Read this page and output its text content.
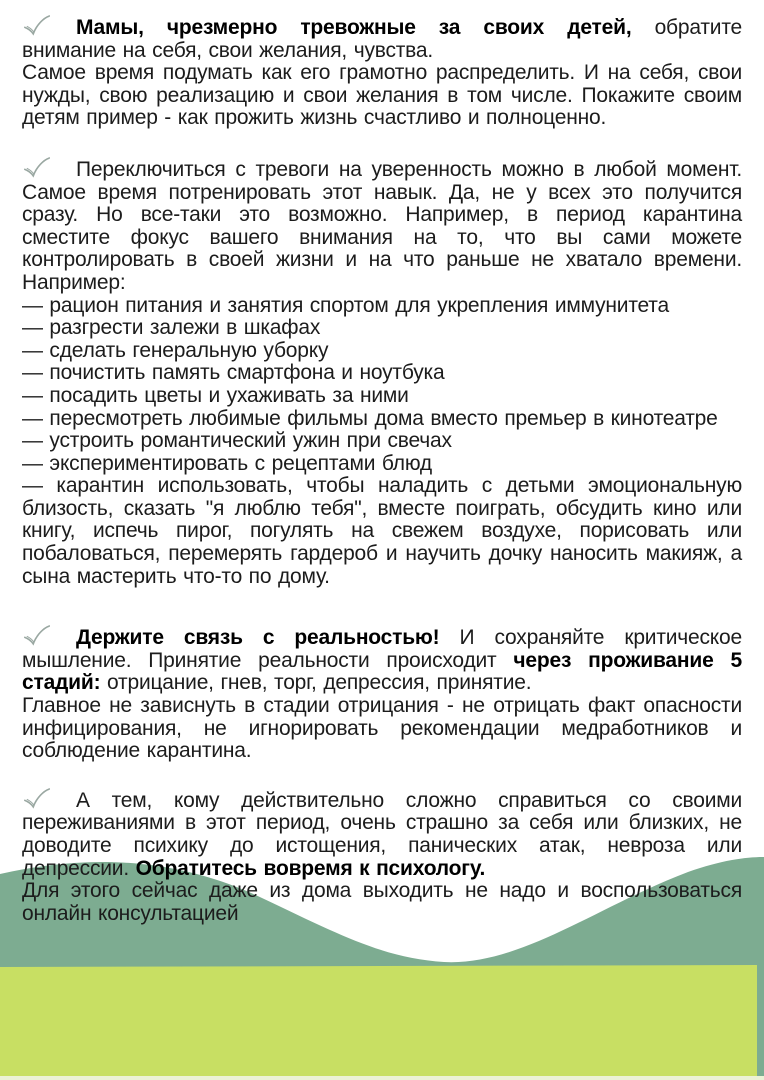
Мамы, чрезмерно тревожные за своих детей, обратите внимание на себя, свои желания, чувства.
Самое время подумать как его грамотно распределить. И на себя, свои нужды, свою реализацию и свои желания в том числе. Покажите своим детям пример - как прожить жизнь счастливо и полноценно.
Переключиться с тревоги на уверенность можно в любой момент. Самое время потренировать этот навык. Да, не у всех это получится сразу. Но все-таки это возможно. Например, в период карантина сместите фокус вашего внимания на то, что вы сами можете контролировать в своей жизни и на что раньше не хватало времени. Например:
— рацион питания и занятия спортом для укрепления иммунитета
— разгрести залежи в шкафах
— сделать генеральную уборку
— почистить память смартфона и ноутбука
— посадить цветы и ухаживать за ними
— пересмотреть любимые фильмы дома вместо премьер в кинотеатре
— устроить романтический ужин при свечах
— экспериментировать с рецептами блюд
— карантин использовать, чтобы наладить с детьми эмоциональную близость, сказать "я люблю тебя", вместе поиграть, обсудить кино или книгу, испечь пирог, погулять на свежем воздухе, порисовать или побаловаться, перемерять гардероб и научить дочку наносить макияж, а сына мастерить что-то по дому.
Держите связь с реальностью! И сохраняйте критическое мышление. Принятие реальности происходит через проживание 5 стадий: отрицание, гнев, торг, депрессия, принятие.
Главное не зависнуть в стадии отрицания - не отрицать факт опасности инфицирования, не игнорировать рекомендации медработников и соблюдение карантина.
А тем, кому действительно сложно справиться со своими переживаниями в этот период, очень страшно за себя или близких, не доводите психику до истощения, панических атак, невроза или депрессии. Обратитесь вовремя к психологу.
Для этого сейчас даже из дома выходить не надо и воспользоваться онлайн консультацией
